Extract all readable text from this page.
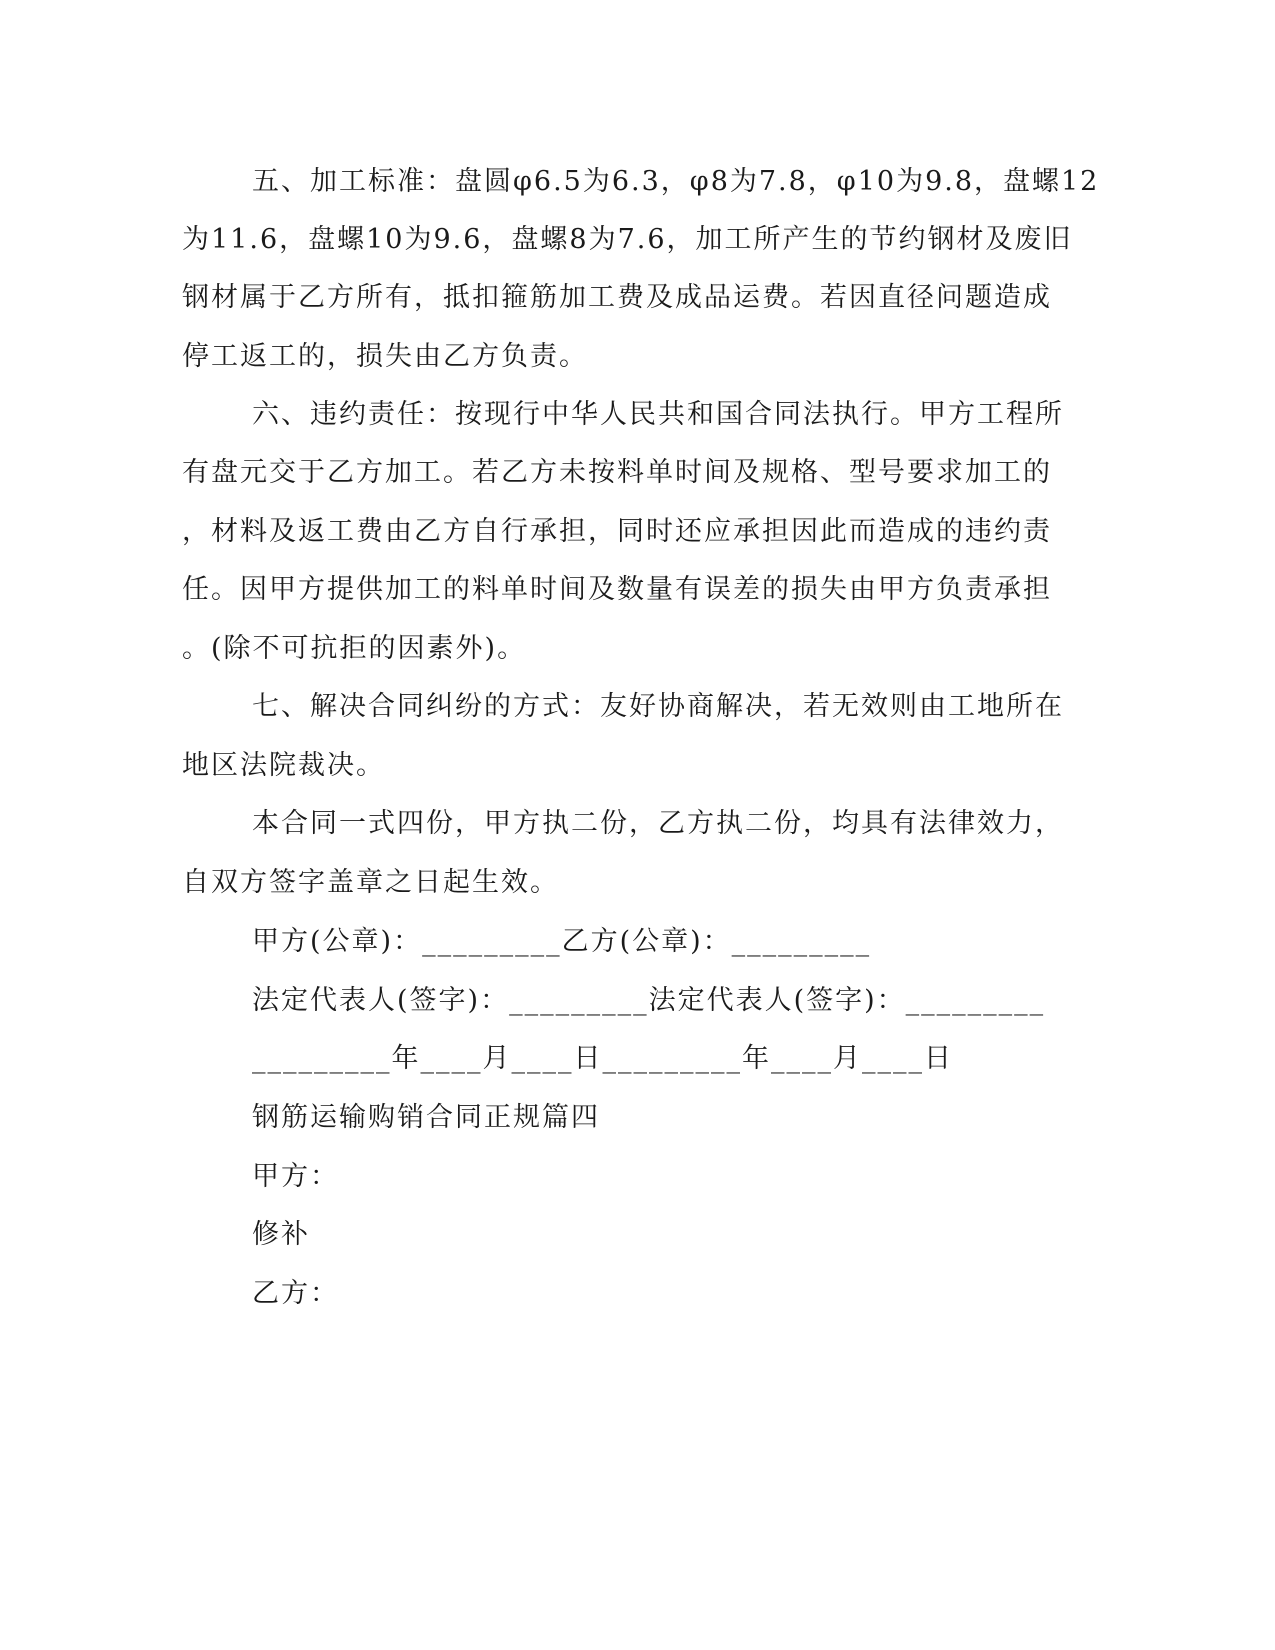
五、加工标准：盘圆φ6.5为6.3，φ8为7.8，φ10为9.8，盘螺12
为11.6，盘螺10为9.6，盘螺8为7.6，加工所产生的节约钢材及废旧
钢材属于乙方所有，抵扣箍筋加工费及成品运费。若因直径问题造成
停工返工的，损失由乙方负责。
六、违约责任：按现行中华人民共和国合同法执行。甲方工程所
有盘元交于乙方加工。若乙方未按料单时间及规格、型号要求加工的
，材料及返工费由乙方自行承担，同时还应承担因此而造成的违约责
任。因甲方提供加工的料单时间及数量有误差的损失由甲方负责承担
。(除不可抗拒的因素外)。
七、解决合同纠纷的方式：友好协商解决，若无效则由工地所在
地区法院裁决。
本合同一式四份，甲方执二份，乙方执二份，均具有法律效力，
自双方签字盖章之日起生效。
甲方(公章)：_________乙方(公章)：_________
法定代表人(签字)：_________法定代表人(签字)：_________
_________年____月____日_________年____月____日
钢筋运输购销合同正规篇四
甲方：
修补
乙方：
